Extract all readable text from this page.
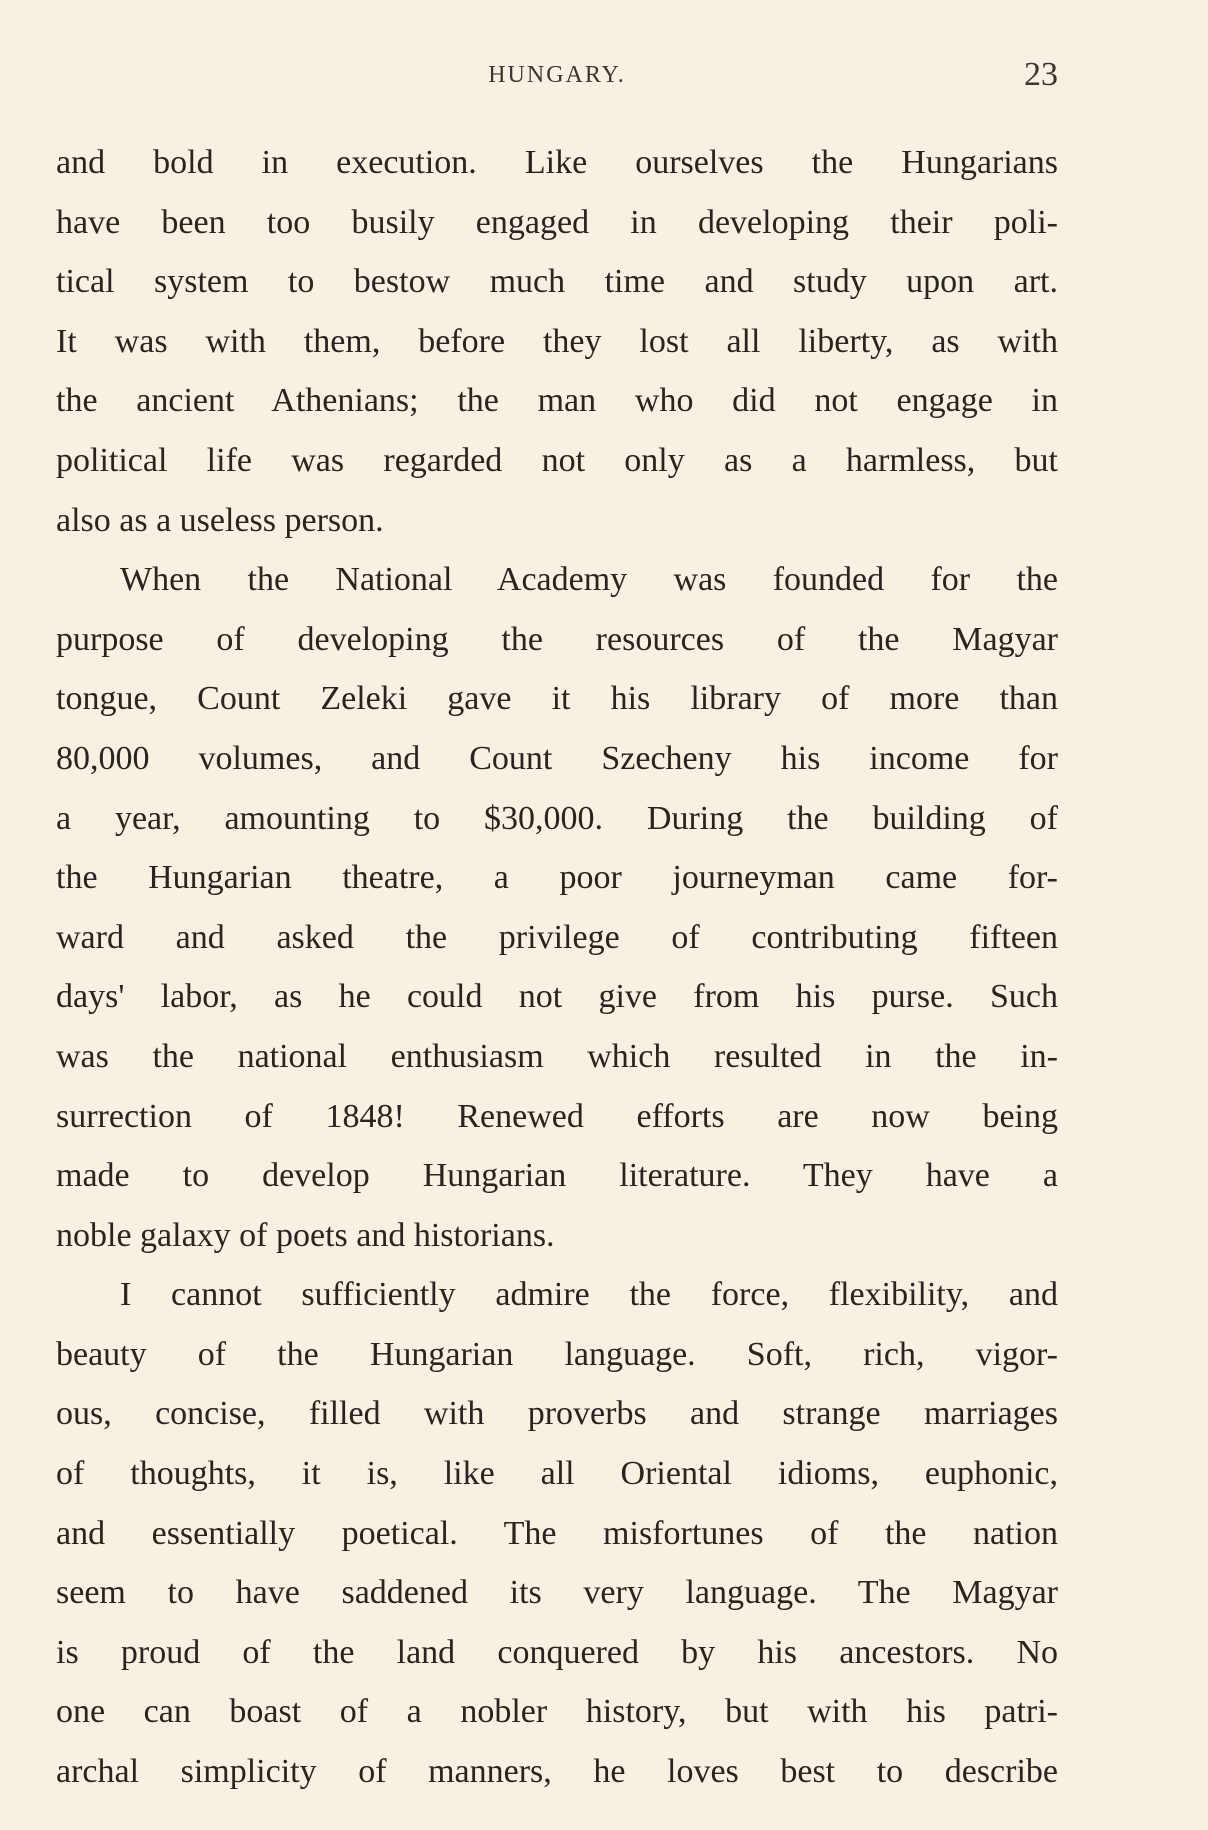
HUNGARY.	23
and bold in execution. Like ourselves the Hungarians
have been too busily engaged in developing their poli-
tical system to bestow much time and study upon art.
It was with them, before they lost all liberty, as with
the ancient Athenians; the man who did not engage in
political life was regarded not only as a harmless, but
also as a useless person.
When the National Academy was founded for the
purpose of developing the resources of the Magyar
tongue, Count Zeleki gave it his library of more than
80,000 volumes, and Count Szecheny his income for
a year, amounting to $30,000. During the building of
the Hungarian theatre, a poor journeyman came for-
ward and asked the privilege of contributing fifteen
days' labor, as he could not give from his purse. Such
was the national enthusiasm which resulted in the in-
surrection of 1848! Renewed efforts are now being
made to develop Hungarian literature. They have a
noble galaxy of poets and historians.
I cannot sufficiently admire the force, flexibility, and
beauty of the Hungarian language. Soft, rich, vigor-
ous, concise, filled with proverbs and strange marriages
of thoughts, it is, like all Oriental idioms, euphonic,
and essentially poetical. The misfortunes of the nation
seem to have saddened its very language. The Magyar
is proud of the land conquered by his ancestors. No
one can boast of a nobler history, but with his patri-
archal simplicity of manners, he loves best to describe
